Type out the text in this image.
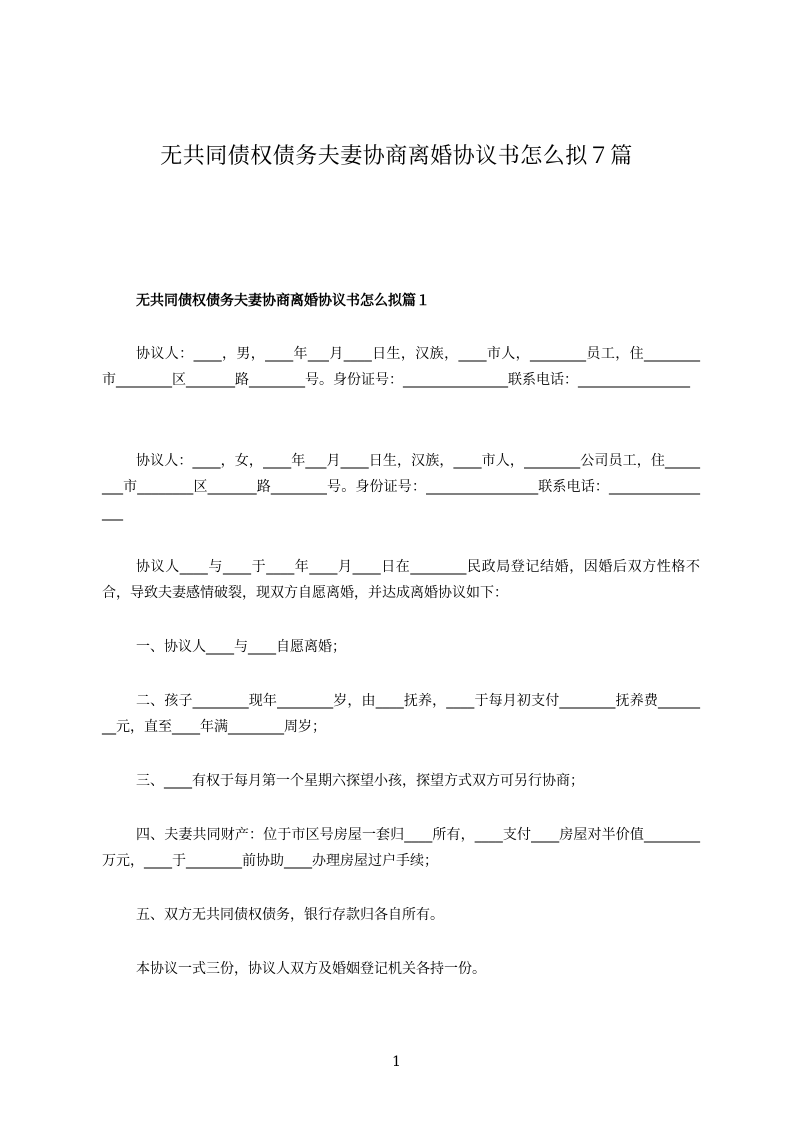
无共同债权债务夫妻协商离婚协议书怎么拟７篇
无共同债权债务夫妻协商离婚协议书怎么拟篇１
协议人：____，男，____年___月____日生，汉族，____市人，________员工，住________市________区_______路________号。身份证号：_______________联系电话：________________
协议人：____，女，____年___月____日生，汉族，____市人，________公司员工，住________市________区_______路________号。身份证号：________________联系电话：________________
协议人____与____于____年____月____日在________民政局登记结婚，因婚后双方性格不合，导致夫妻感情破裂，现双方自愿离婚，并达成离婚协议如下：
一、协议人____与____自愿离婚；
二、孩子________现年________岁，由____抚养，____于每月初支付________抚养费________元，直至____年满________周岁；
三、____有权于每月第一个星期六探望小孩，探望方式双方可另行协商；
四、夫妻共同财产：位于市区号房屋一套归____所有，____支付____房屋对半价值________万元，____于________前协助____办理房屋过户手续；
五、双方无共同债权债务，银行存款归各自所有。
本协议一式三份，协议人双方及婚姻登记机关各持一份。
1
